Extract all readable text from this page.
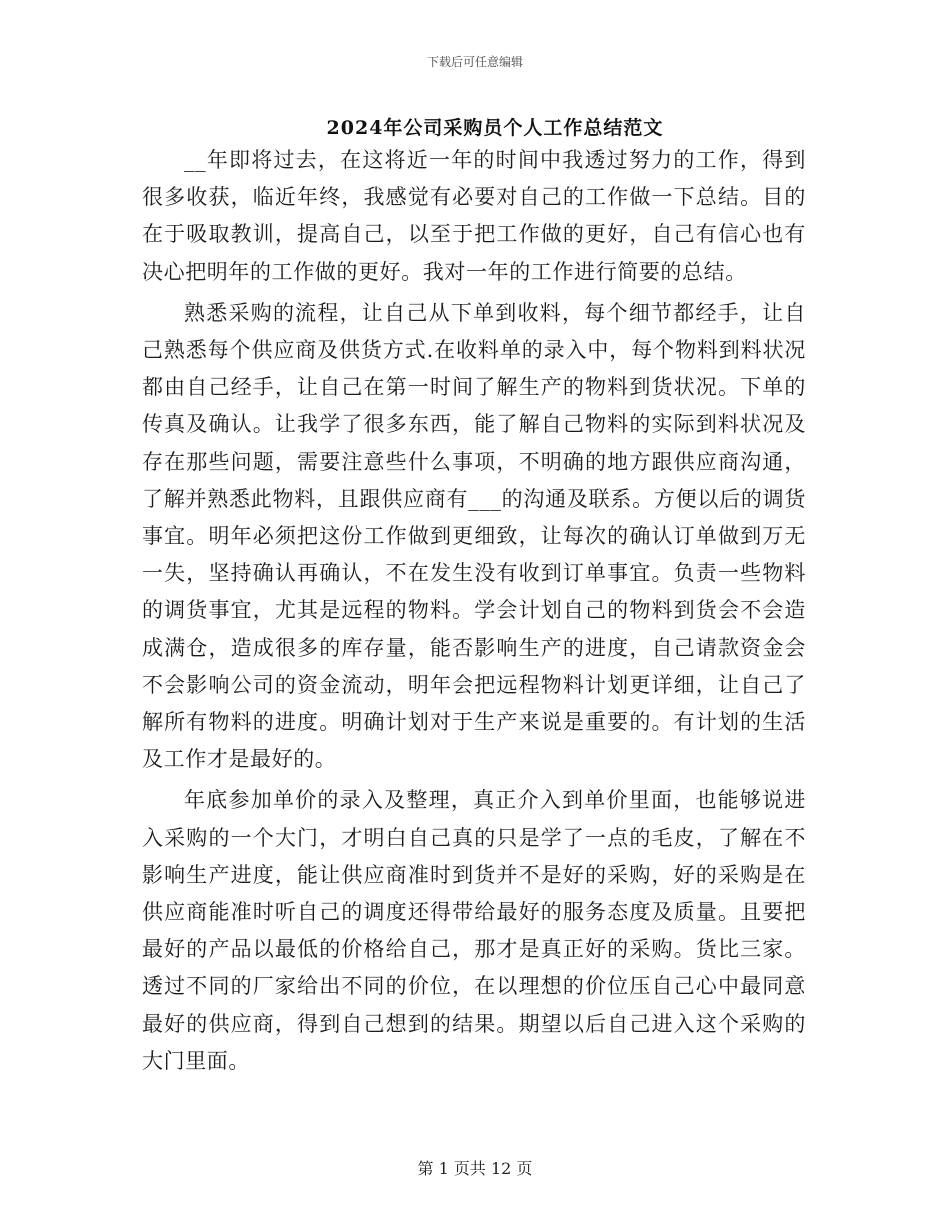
下载后可任意编辑
2024年公司采购员个人工作总结范文

__年即将过去，在这将近一年的时间中我透过努力的工作，得到很多收获，临近年终，我感觉有必要对自己的工作做一下总结。目的在于吸取教训，提高自己，以至于把工作做的更好，自己有信心也有决心把明年的工作做的更好。我对一年的工作进行简要的总结。

熟悉采购的流程，让自己从下单到收料，每个细节都经手，让自己熟悉每个供应商及供货方式.在收料单的录入中，每个物料到料状况都由自己经手，让自己在第一时间了解生产的物料到货状况。下单的传真及确认。让我学了很多东西，能了解自己物料的实际到料状况及存在那些问题，需要注意些什么事项，不明确的地方跟供应商沟通，了解并熟悉此物料，且跟供应商有___的沟通及联系。方便以后的调货事宜。明年必须把这份工作做到更细致，让每次的确认订单做到万无一失，坚持确认再确认，不在发生没有收到订单事宜。负责一些物料的调货事宜，尤其是远程的物料。学会计划自己的物料到货会不会造成满仓，造成很多的库存量，能否影响生产的进度，自己请款资金会不会影响公司的资金流动，明年会把远程物料计划更详细，让自己了解所有物料的进度。明确计划对于生产来说是重要的。有计划的生活及工作才是最好的。

年底参加单价的录入及整理，真正介入到单价里面，也能够说进入采购的一个大门，才明白自己真的只是学了一点的毛皮，了解在不影响生产进度，能让供应商准时到货并不是好的采购，好的采购是在供应商能准时听自己的调度还得带给最好的服务态度及质量。且要把最好的产品以最低的价格给自己，那才是真正好的采购。货比三家。透过不同的厂家给出不同的价位，在以理想的价位压自己心中最同意最好的供应商，得到自己想到的结果。期望以后自己进入这个采购的大门里面。

第 1 页共 12 页
